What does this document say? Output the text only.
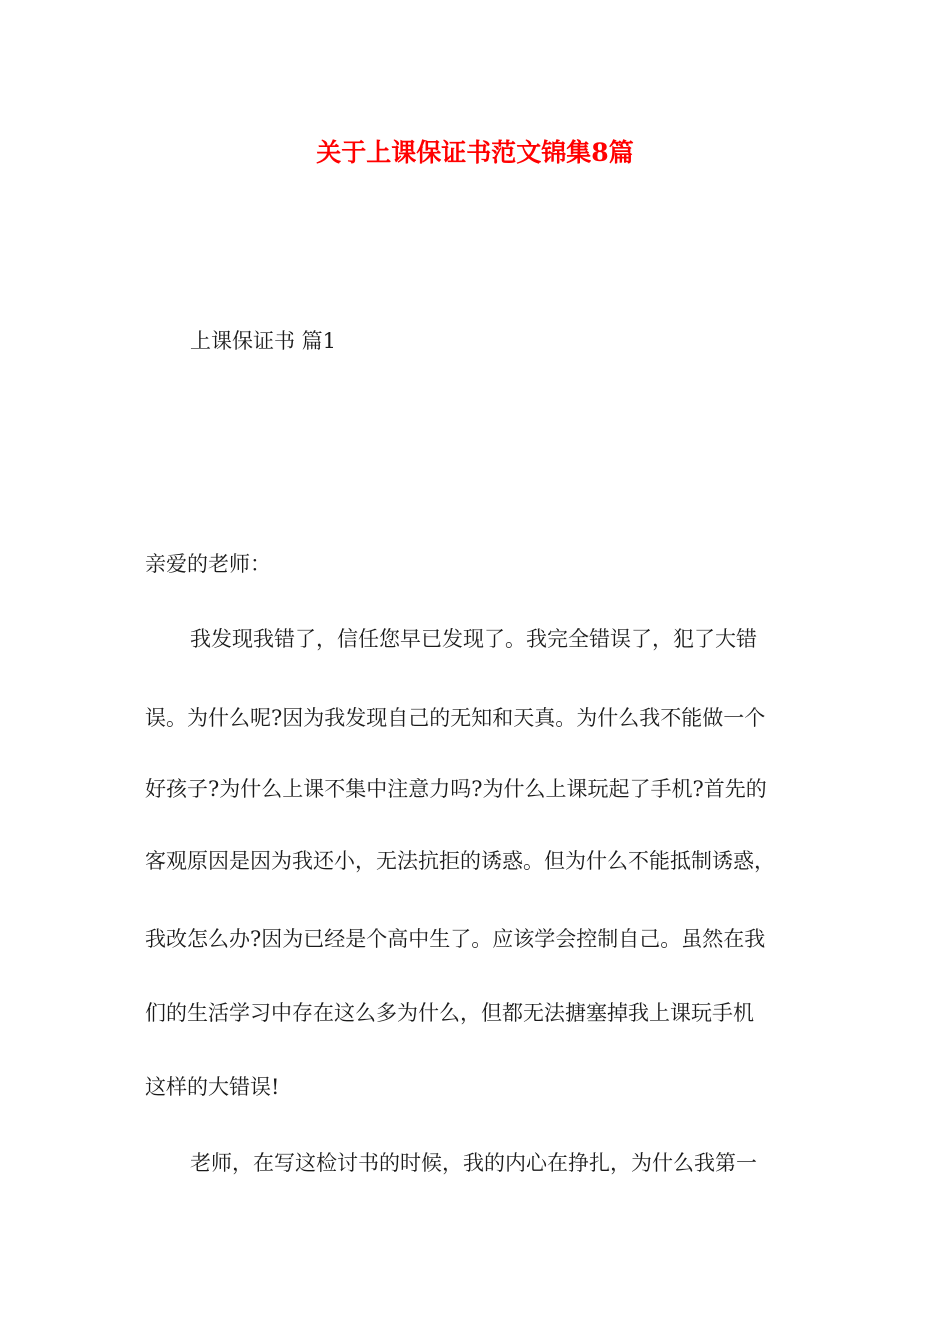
关于上课保证书范文锦集8篇
上课保证书 篇1
亲爱的老师：
我发现我错了，信任您早已发现了。我完全错误了，犯了大错
误。为什么呢?因为我发现自己的无知和天真。为什么我不能做一个
好孩子?为什么上课不集中注意力吗?为什么上课玩起了手机?首先的
客观原因是因为我还小，无法抗拒的诱惑。但为什么不能抵制诱惑，
我改怎么办?因为已经是个高中生了。应该学会控制自己。虽然在我
们的生活学习中存在这么多为什么，但都无法搪塞掉我上课玩手机
这样的大错误!
老师，在写这检讨书的时候，我的内心在挣扎，为什么我第一
